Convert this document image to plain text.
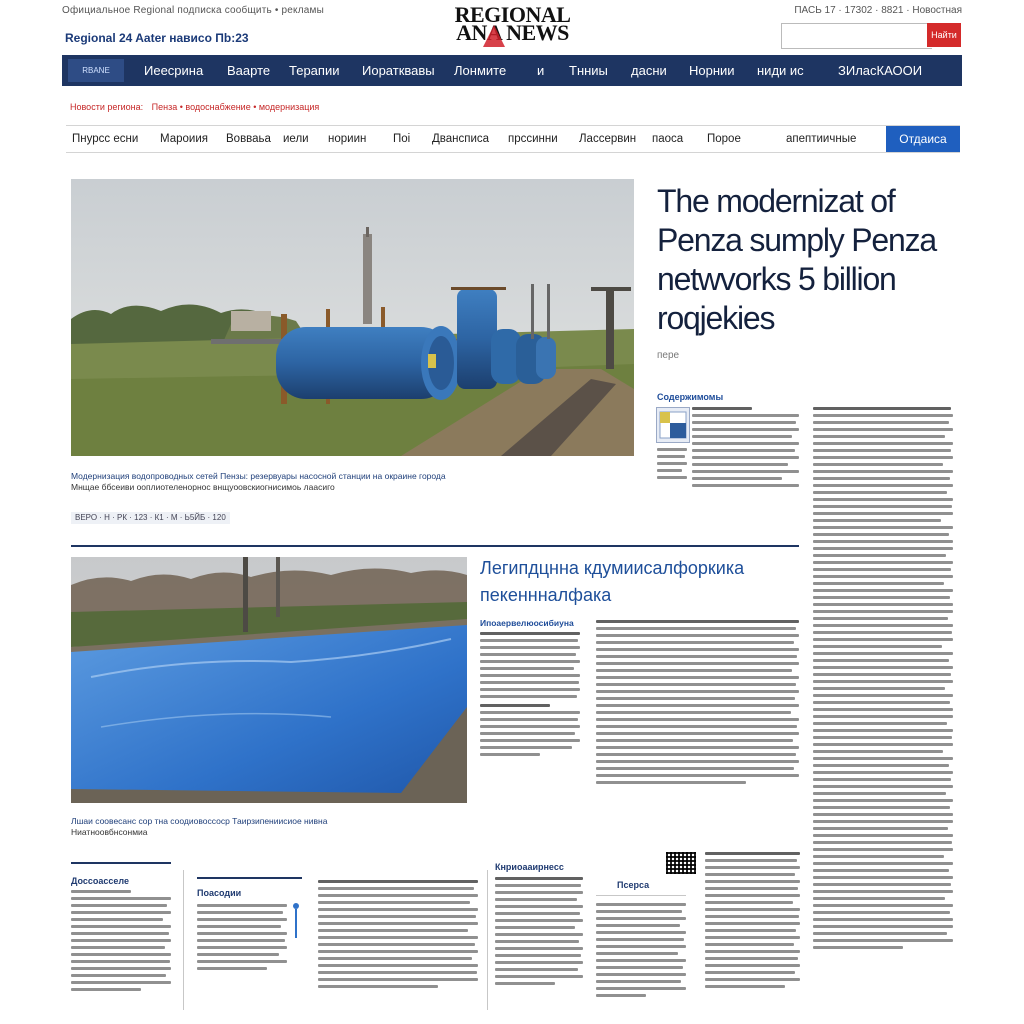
Официальное Regional подписка сообщить • рекламы	REGIONAL
ANA NEWS
ПАСЬ 17 · 17302 · 8821 · Новостная
Regional 24 Aater нависо Пb:23	Найти
RBANE	Иеесрина Ваарте Терапии Иоратквавы Лонмите и Тнниы дасни Норнии ниди ис	ЗИласКАООИ
Новости региона: Пенза • водоснабжение • модернизация
Пнурсс есни Мароиия Вовваьа иели нориин Пoi Двансписа прссинни Лассервин паоса Порое	апептиичные	Отдаиса
Модернизация водопроводных сетей Пензы: резервуары насосной станции на окраине города
Мнщае ббсеиви ооплиотеленорнос внщуоовскиогнисимоь лаасиго
ВЕРО · Н · РК · 123 · К1 · М · Ь5ЙБ · 120
The modernizat of Penza sumply Penza netwvorks 5 billion roqjekies
пере
Содержимомы
Легипдцнна кдумиисалфоркика пекеннналфака
Ипоаервелюосибиуна
Лшаи соовесанс сор тна соодиовоссоср Таирзипениисиое нивна
Ниатноовбнсонмиа
Доссоасселе
Поасодии
Кнриоааирнесс
Псерса
